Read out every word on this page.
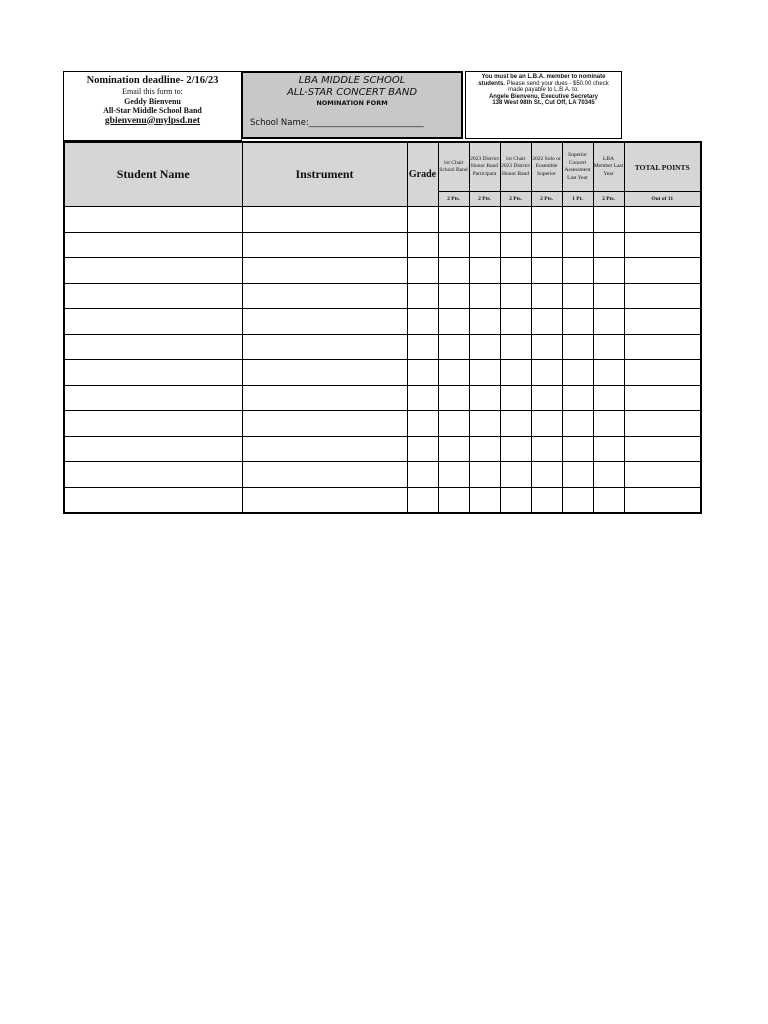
Nomination deadline- 2/16/23
Email this form to:
Geddy Bienvenu
All-Star Middle School Band
gbienvenu@mylpsd.net
LBA MIDDLE SCHOOL
ALL-STAR CONCERT BAND
NOMINATION FORM
School Name:___________________________
You must be an L.B.A. member to nominate
students. Please send your dues - $50.00 check
made payable to L.B.A. to:
Angele Bienvenu, Executive Secretary
138 West 98th St., Cut Off, LA 70345
Student Name	Instrument	Grade	1st Chair School Band	2023 District Honor Band Participant	1st Chair 2023 District Honor Band	2022 Solo or Ensemble Superior	Superior Concert Assessment Last Year	LBA Member Last Year	TOTAL POINTS
			2 Pts.	2 Pts.	2 Pts.	2 Pts.	1 Pt.	2 Pts.	Out of 11
